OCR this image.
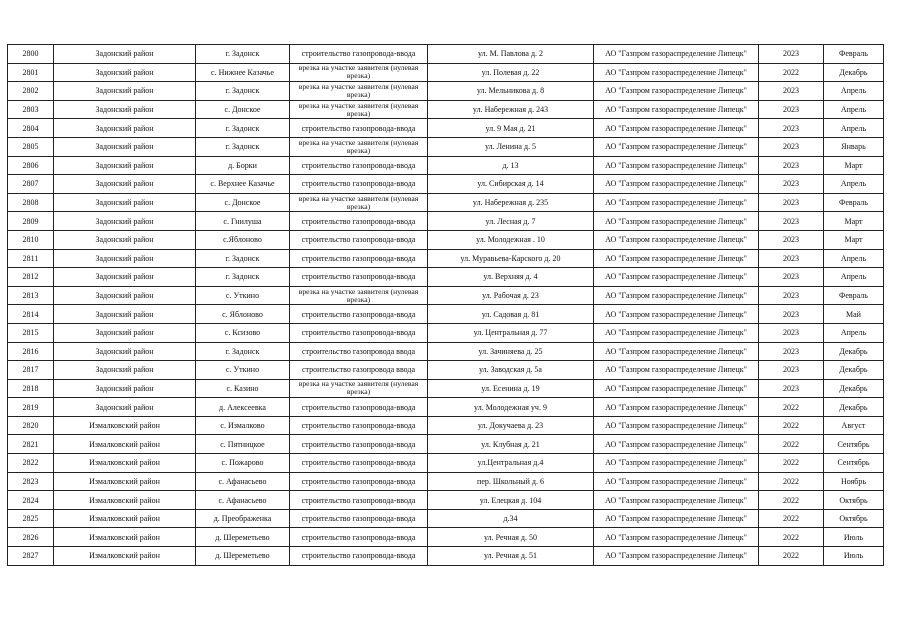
2800	Задонский район	г. Задонск	строительство газопровода-ввода	ул. М. Павлова д. 2	АО "Газпром газораспределение Липецк"	2023	Февраль
2801	Задонский район	с. Нижнее Казачье	врезка на участке заявителя (нулевая врезка)	ул. Полевая д. 22	АО "Газпром газораспределение Липецк"	2022	Декабрь
2802	Задонский район	г. Задонск	врезка на участке заявителя (нулевая врезка)	ул. Мельникова д. 8	АО "Газпром газораспределение Липецк"	2023	Апрель
2803	Задонский район	с. Донское	врезка на участке заявителя (нулевая врезка)	ул. Набережная д. 243	АО "Газпром газораспределение Липецк"	2023	Апрель
2804	Задонский район	г. Задонск	строительство газопровода-ввода	ул. 9 Мая д. 21	АО "Газпром газораспределение Липецк"	2023	Апрель
2805	Задонский район	г. Задонск	врезка на участке заявителя (нулевая врезка)	ул. Ленина д. 5	АО "Газпром газораспределение Липецк"	2023	Январь
2806	Задонский район	д. Борки	строительство газопровода-ввода	д. 13	АО "Газпром газораспределение Липецк"	2023	Март
2807	Задонский район	с. Верхнее Казачье	строительство газопровода-ввода	ул. Сибирская д. 14	АО "Газпром газораспределение Липецк"	2023	Апрель
2808	Задонский район	с. Донское	врезка на участке заявителя (нулевая врезка)	ул. Набережная д. 235	АО "Газпром газораспределение Липецк"	2023	Февраль
2809	Задонский район	с. Гнилуша	строительство газопровода-ввода	ул. Лесная д. 7	АО "Газпром газораспределение Липецк"	2023	Март
2810	Задонский район	с.Яблоново	строительство газопровода-ввода	ул. Молодежная . 10	АО "Газпром газораспределение Липецк"	2023	Март
2811	Задонский район	г. Задонск	строительство газопровода-ввода	ул. Муравьева-Карского д. 20	АО "Газпром газораспределение Липецк"	2023	Апрель
2812	Задонский район	г. Задонск	строительство газопровода-ввода	ул. Верхняя д. 4	АО "Газпром газораспределение Липецк"	2023	Апрель
2813	Задонский район	с. Уткино	врезка на участке заявителя (нулевая врезка)	ул. Рабочая д. 23	АО "Газпром газораспределение Липецк"	2023	Февраль
2814	Задонский район	с. Яблоново	строительство газопровода-ввода	ул. Садовая д. 81	АО "Газпром газораспределение Липецк"	2023	Май
2815	Задонский район	с. Ксизово	строительство газопровода-ввода	ул. Центральная д. 77	АО "Газпром газораспределение Липецк"	2023	Апрель
2816	Задонский район	г. Задонск	строительство газопровода ввода	ул. Зачиняева д. 25	АО "Газпром газораспределение Липецк"	2023	Декабрь
2817	Задонский район	с. Уткино	строительство газопровода ввода	ул. Заводская д. 5а	АО "Газпром газораспределение Липецк"	2023	Декабрь
2818	Задонский район	с. Казино	врезка на участке заявителя (нулевая врезка)	ул. Есенина д. 19	АО "Газпром газораспределение Липецк"	2023	Декабрь
2819	Задонский район	д. Алексеевка	строительство газопровода-ввода	ул. Молодежная уч. 9	АО "Газпром газораспределение Липецк"	2022	Декабрь
2820	Измалковский район	с. Измалково	строительство газопровода-ввода	ул. Докучаева д. 23	АО "Газпром газораспределение Липецк"	2022	Август
2821	Измалковский район	с. Пятницкое	строительство газопровода-ввода	ул. Клубная д. 21	АО "Газпром газораспределение Липецк"	2022	Сентябрь
2822	Измалковский район	с. Пожарово	строительство газопровода-ввода	ул.Центральная д.4	АО "Газпром газораспределение Липецк"	2022	Сентябрь
2823	Измалковский район	с. Афанасьево	строительство газопровода-ввода	пер. Школьный д. 6	АО "Газпром газораспределение Липецк"	2022	Ноябрь
2824	Измалковский район	с. Афанасьево	строительство газопровода-ввода	ул. Елецкая д. 104	АО "Газпром газораспределение Липецк"	2022	Октябрь
2825	Измалковский район	д. Преображенка	строительство газопровода-ввода	д.34	АО "Газпром газораспределение Липецк"	2022	Октябрь
2826	Измалковский район	д. Шереметьево	строительство газопровода-ввода	ул. Речная д. 50	АО "Газпром газораспределение Липецк"	2022	Июль
2827	Измалковский район	д. Шереметьево	строительство газопровода-ввода	ул. Речная д. 51	АО "Газпром газораспределение Липецк"	2022	Июль
